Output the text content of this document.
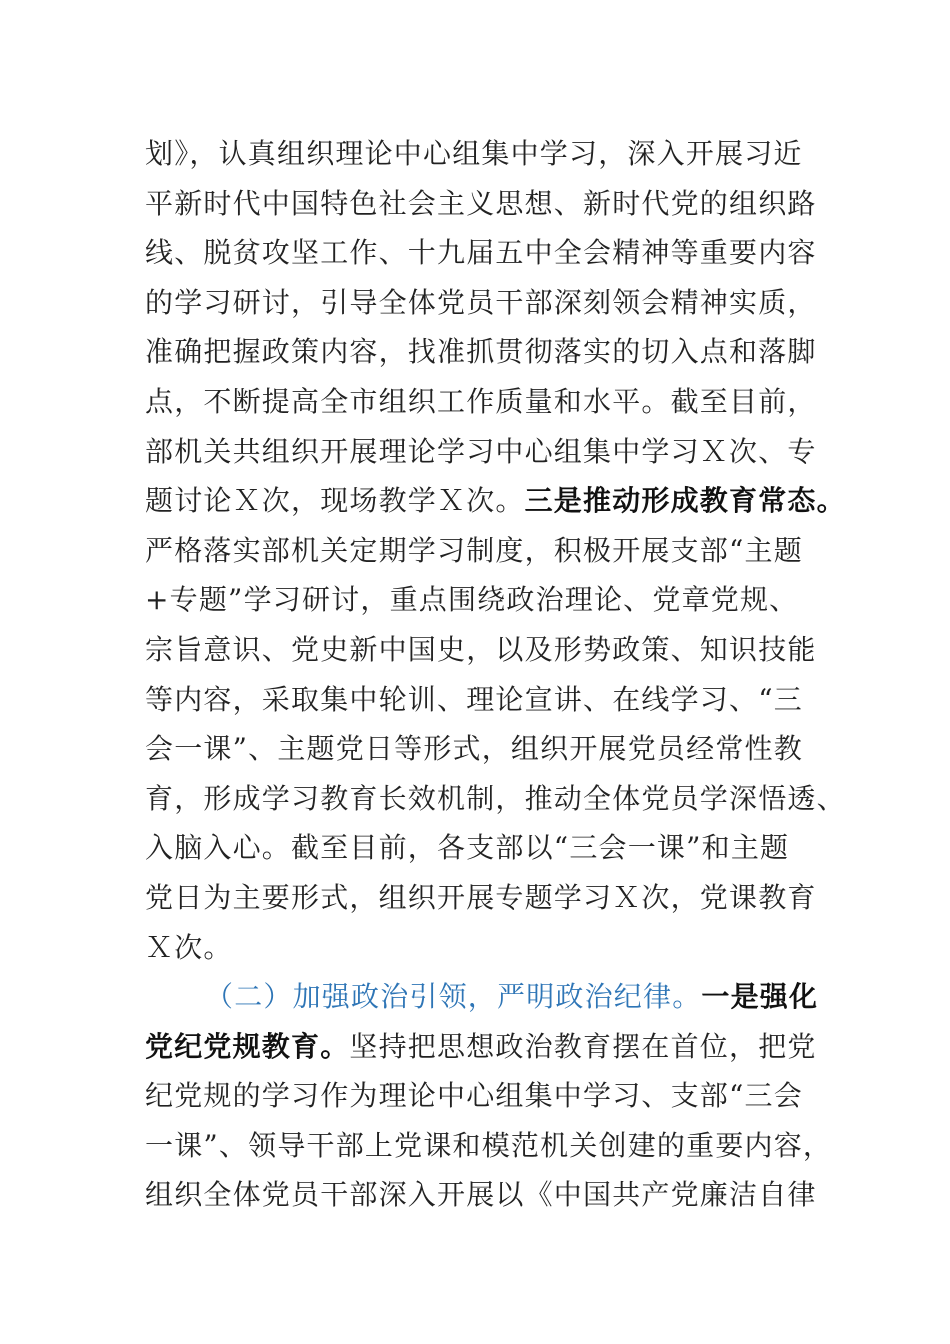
划》，认真组织理论中心组集中学习，深入开展习近
平新时代中国特色社会主义思想、新时代党的组织路
线、脱贫攻坚工作、十九届五中全会精神等重要内容
的学习研讨，引导全体党员干部深刻领会精神实质，
准确把握政策内容，找准抓贯彻落实的切入点和落脚
点，不断提高全市组织工作质量和水平。截至目前，
部机关共组织开展理论学习中心组集中学习Ｘ次、专
题讨论Ｘ次，现场教学Ｘ次。三是推动形成教育常态。
严格落实部机关定期学习制度，积极开展支部“主题
+专题”学习研讨，重点围绕政治理论、党章党规、
宗旨意识、党史新中国史，以及形势政策、知识技能
等内容，采取集中轮训、理论宣讲、在线学习、“三
会一课”、主题党日等形式，组织开展党员经常性教
育，形成学习教育长效机制，推动全体党员学深悟透、
入脑入心。截至目前，各支部以“三会一课”和主题
党日为主要形式，组织开展专题学习Ｘ次，党课教育
Ｘ次。
（二）加强政治引领，严明政治纪律。一是强化
党纪党规教育。坚持把思想政治教育摆在首位，把党
纪党规的学习作为理论中心组集中学习、支部“三会
一课”、领导干部上党课和模范机关创建的重要内容，
组织全体党员干部深入开展以《中国共产党廉洁自律
